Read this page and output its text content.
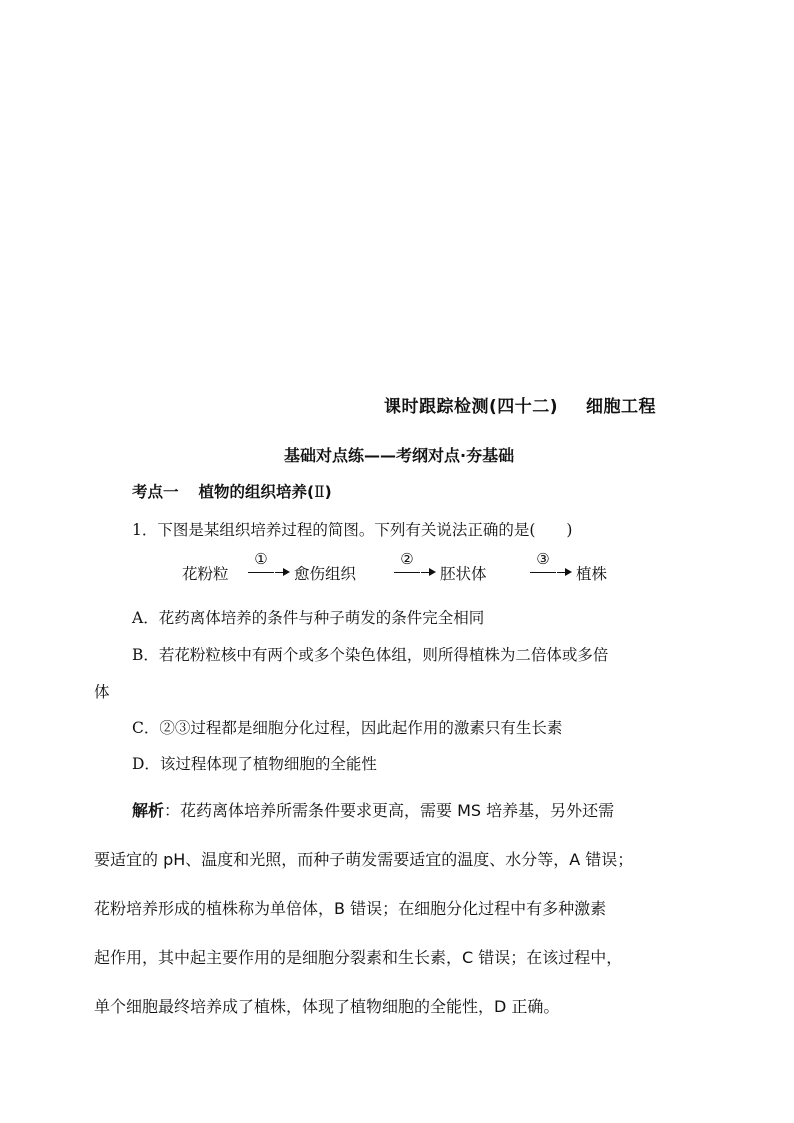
课时跟踪检测(四十二) 细胞工程
基础对点练——考纲对点·夯基础
考点一 植物的组织培养(Ⅱ)
1．下图是某组织培养过程的简图。下列有关说法正确的是(　　)
花粉粒
①
愈伤组织
②
胚状体
③
植株
A．花药离体培养的条件与种子萌发的条件完全相同
B．若花粉粒核中有两个或多个染色体组，则所得植株为二倍体或多倍
体
C．②③过程都是细胞分化过程，因此起作用的激素只有生长素
D．该过程体现了植物细胞的全能性
解析：花药离体培养所需条件要求更高，需要 MS 培养基，另外还需
要适宜的 pH、温度和光照，而种子萌发需要适宜的温度、水分等，A 错误；
花粉培养形成的植株称为单倍体，B 错误；在细胞分化过程中有多种激素
起作用，其中起主要作用的是细胞分裂素和生长素，C 错误；在该过程中，
单个细胞最终培养成了植株，体现了植物细胞的全能性，D 正确。
